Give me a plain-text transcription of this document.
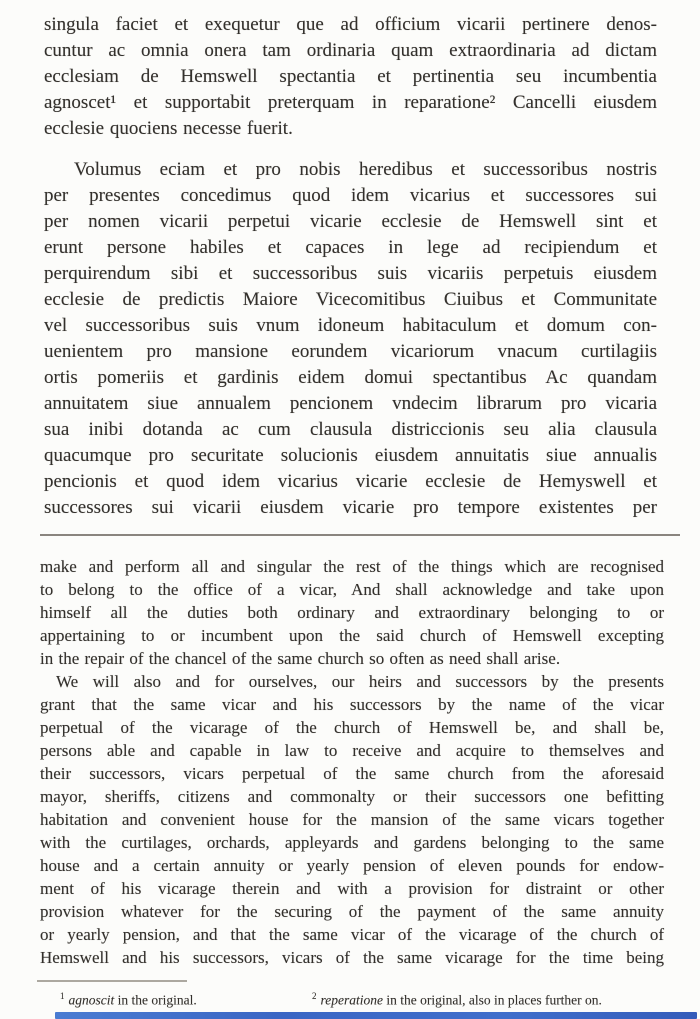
singula faciet et exequetur que ad officium vicarii pertinere denos-
cuntur ac omnia onera tam ordinaria quam extraordinaria ad dictam
ecclesiam de Hemswell spectantia et pertinentia seu incumbentia
agnoscet¹ et supportabit preterquam in reparatione² Cancelli eiusdem
ecclesie quociens necesse fuerit.
Volumus eciam et pro nobis heredibus et successoribus nostris
per presentes concedimus quod idem vicarius et successores sui
per nomen vicarii perpetui vicarie ecclesie de Hemswell sint et
erunt persone habiles et capaces in lege ad recipiendum et
perquirendum sibi et successoribus suis vicariis perpetuis eiusdem
ecclesie de predictis Maiore Vicecomitibus Ciuibus et Communitate
vel successoribus suis vnum idoneum habitaculum et domum con-
uenientem pro mansione eorundem vicariorum vnacum curtilagiis
ortis pomeriis et gardinis eidem domui spectantibus Ac quandam
annuitatem siue annualem pencionem vndecim librarum pro vicaria
sua inibi dotanda ac cum clausula districcionis seu alia clausula
quacumque pro securitate solucionis eiusdem annuitatis siue annualis
pencionis et quod idem vicarius vicarie ecclesie de Hemyswell et
successores sui vicarii eiusdem vicarie pro tempore existentes per
make and perform all and singular the rest of the things which are recognised
to belong to the office of a vicar, And shall acknowledge and take upon
himself all the duties both ordinary and extraordinary belonging to or
appertaining to or incumbent upon the said church of Hemswell excepting
in the repair of the chancel of the same church so often as need shall arise.
We will also and for ourselves, our heirs and successors by the presents
grant that the same vicar and his successors by the name of the vicar
perpetual of the vicarage of the church of Hemswell be, and shall be,
persons able and capable in law to receive and acquire to themselves and
their successors, vicars perpetual of the same church from the aforesaid
mayor, sheriffs, citizens and commonalty or their successors one befitting
habitation and convenient house for the mansion of the same vicars together
with the curtilages, orchards, appleyards and gardens belonging to the same
house and a certain annuity or yearly pension of eleven pounds for endow-
ment of his vicarage therein and with a provision for distraint or other
provision whatever for the securing of the payment of the same annuity
or yearly pension, and that the same vicar of the vicarage of the church of
Hemswell and his successors, vicars of the same vicarage for the time being
$^1$ agnoscit in the original.	$^2$ reperatione in the original, also in places further on.
